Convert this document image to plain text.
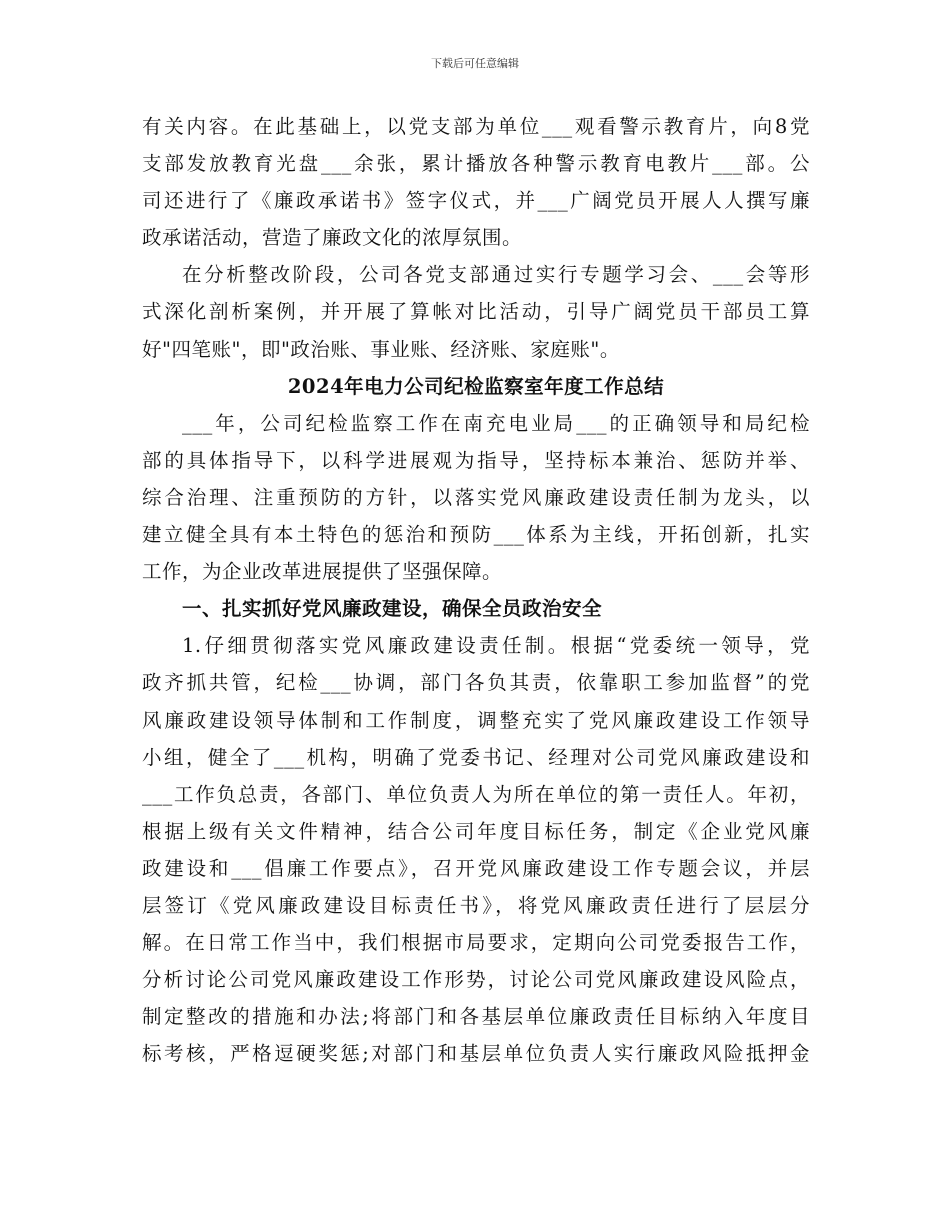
下载后可任意编辑
有关内容。在此基础上，以党支部为单位___观看警示教育片，向8党
支部发放教育光盘___余张，累计播放各种警示教育电教片___部。公
司还进行了《廉政承诺书》签字仪式，并___广阔党员开展人人撰写廉
政承诺活动，营造了廉政文化的浓厚氛围。
在分析整改阶段，公司各党支部通过实行专题学习会、___会等形
式深化剖析案例，并开展了算帐对比活动，引导广阔党员干部员工算
好"四笔账"，即"政治账、事业账、经济账、家庭账"。
2024年电力公司纪检监察室年度工作总结
___年，公司纪检监察工作在南充电业局___的正确领导和局纪检
部的具体指导下，以科学进展观为指导，坚持标本兼治、惩防并举、
综合治理、注重预防的方针，以落实党风廉政建设责任制为龙头，以
建立健全具有本土特色的惩治和预防___体系为主线，开拓创新，扎实
工作，为企业改革进展提供了坚强保障。
一、扎实抓好党风廉政建设，确保全员政治安全
1.仔细贯彻落实党风廉政建设责任制。根据“党委统一领导，党
政齐抓共管，纪检___协调，部门各负其责，依靠职工参加监督”的党
风廉政建设领导体制和工作制度，调整充实了党风廉政建设工作领导
小组，健全了___机构，明确了党委书记、经理对公司党风廉政建设和
___工作负总责，各部门、单位负责人为所在单位的第一责任人。年初，
根据上级有关文件精神，结合公司年度目标任务，制定《企业党风廉
政建设和___倡廉工作要点》，召开党风廉政建设工作专题会议，并层
层签订《党风廉政建设目标责任书》，将党风廉政责任进行了层层分
解。在日常工作当中，我们根据市局要求，定期向公司党委报告工作，
分析讨论公司党风廉政建设工作形势，讨论公司党风廉政建设风险点，
制定整改的措施和办法;将部门和各基层单位廉政责任目标纳入年度目
标考核，严格逗硬奖惩;对部门和基层单位负责人实行廉政风险抵押金
